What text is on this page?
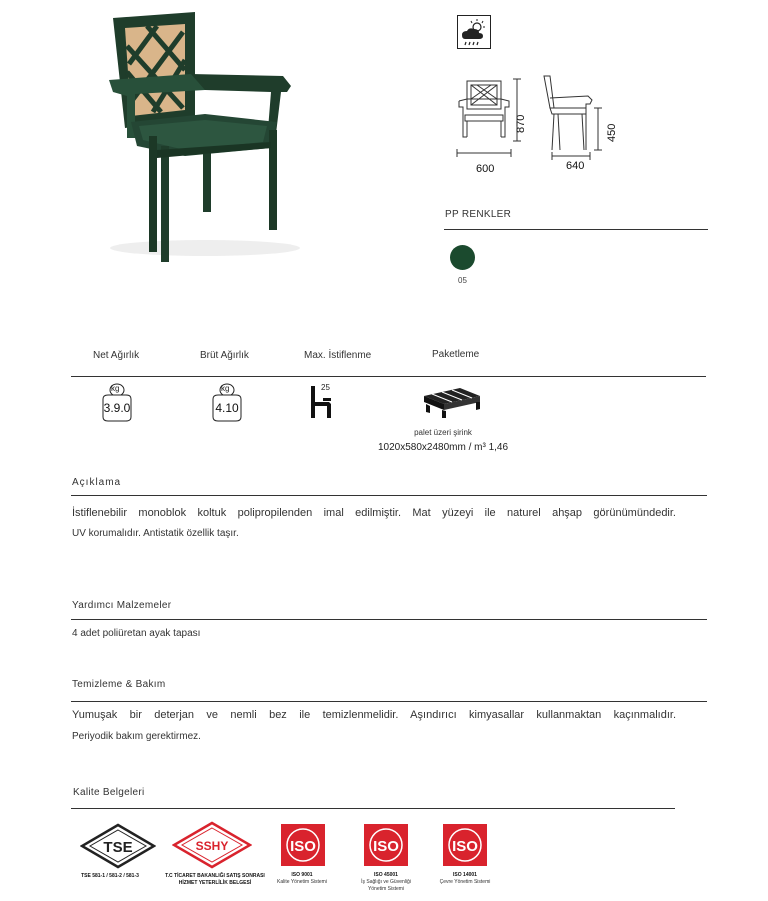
600
870
640
450
PP RENKLER
05
Net Ağırlık	Brüt Ağırlık	Max. İstiflenme	Paketleme
kg
3.9.0
kg
4.10
25
palet üzeri şirink
1020x580x2480mm / m³ 1,46
Açıklama
İstiflenebilir monoblok koltuk polipropilenden imal edilmiştir. Mat yüzeyi ile naturel ahşap görünümündedir.
UV korumalıdır. Antistatik özellik taşır.
Yardımcı Malzemeler
4 adet poliüretan ayak tapası
Temizleme & Bakım
Yumuşak bir deterjan ve nemli bez ile temizlenmelidir. Aşındırıcı kimyasallar kullanmaktan kaçınmalıdır.
Periyodik bakım gerektirmez.
Kalite Belgeleri
TSE
TSE 581-1 / 581-2 / 581-3
SSHY
T.C TİCARET BAKANLIĞI SATIŞ SONRASI
HİZMET YETERLİLİK BELGESİ
ISO
ISO 9001
Kalite Yönetim Sistemi
ISO
ISO 45001
İş Sağlığı ve Güvenliği
Yönetim Sistemi
ISO
ISO 14001
Çevre Yönetim Sistemi
